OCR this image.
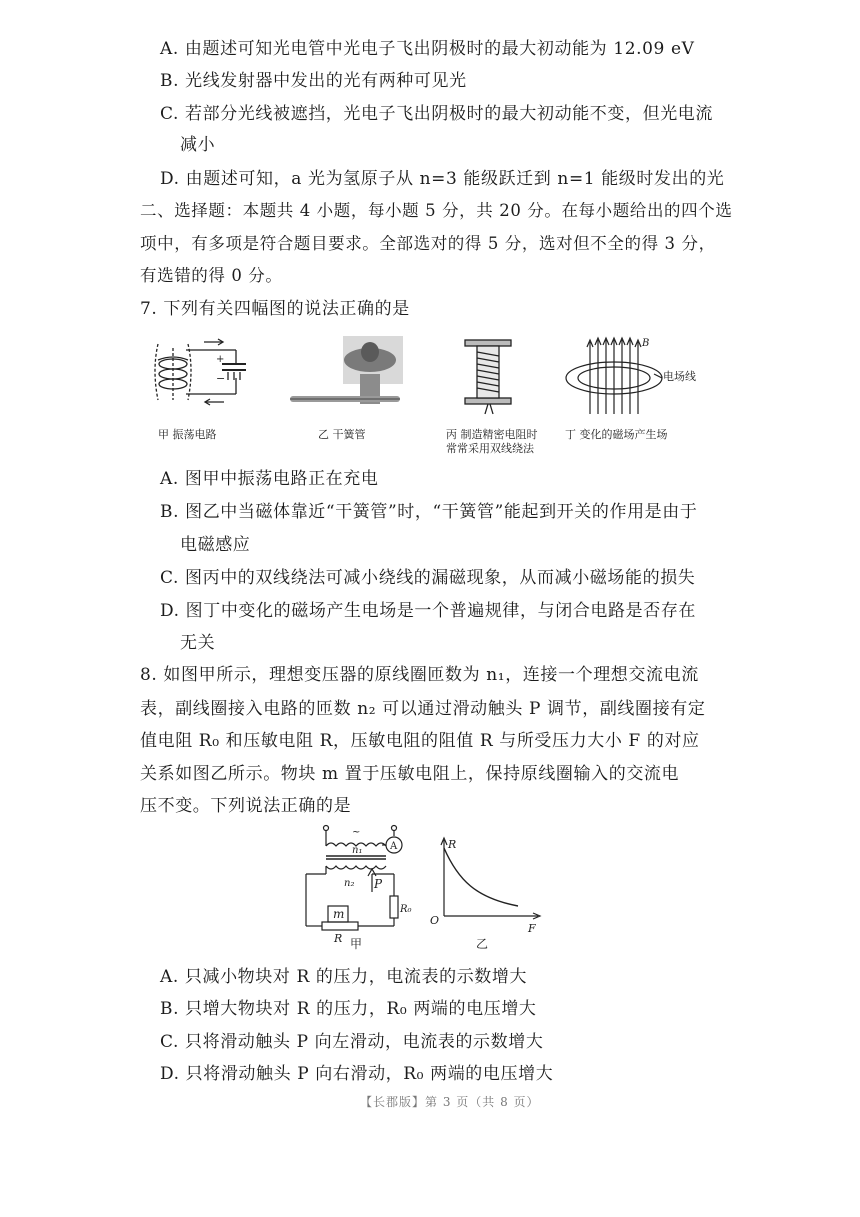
A. 由题述可知光电管中光电子飞出阴极时的最大初动能为 12.09 eV
B. 光线发射器中发出的光有两种可见光
C. 若部分光线被遮挡，光电子飞出阴极时的最大初动能不变，但光电流
减小
D. 由题述可知，a 光为氢原子从 n=3 能级跃迁到 n=1 能级时发出的光
二、选择题：本题共 4 小题，每小题 5 分，共 20 分。在每小题给出的四个选
项中，有多项是符合题目要求。全部选对的得 5 分，选对但不全的得 3 分，
有选错的得 0 分。
7. 下列有关四幅图的说法正确的是
+
−
甲 振荡电路	乙 干簧管	丙 制造精密电阻时
常常采用双线绕法
B
电场线
丁 变化的磁场产生场
A. 图甲中振荡电路正在充电
B. 图乙中当磁体靠近“干簧管”时，“干簧管”能起到开关的作用是由于
电磁感应
C. 图丙中的双线绕法可减小绕线的漏磁现象，从而减小磁场能的损失
D. 图丁中变化的磁场产生电场是一个普遍规律，与闭合电路是否存在
无关
8. 如图甲所示，理想变压器的原线圈匝数为 n₁，连接一个理想交流电流
表，副线圈接入电路的匝数 n₂ 可以通过滑动触头 P 调节，副线圈接有定
值电阻 R₀ 和压敏电阻 R，压敏电阻的阻值 R 与所受压力大小 F 的对应
关系如图乙所示。物块 m 置于压敏电阻上，保持原线圈输入的交流电
压不变。下列说法正确的是
~
n₁	A
n₂ P
m	R₀
R 甲
R
F
O
乙
A. 只减小物块对 R 的压力，电流表的示数增大
B. 只增大物块对 R 的压力，R₀ 两端的电压增大
C. 只将滑动触头 P 向左滑动，电流表的示数增大
D. 只将滑动触头 P 向右滑动，R₀ 两端的电压增大
【长郡版】第 3 页（共 8 页）
